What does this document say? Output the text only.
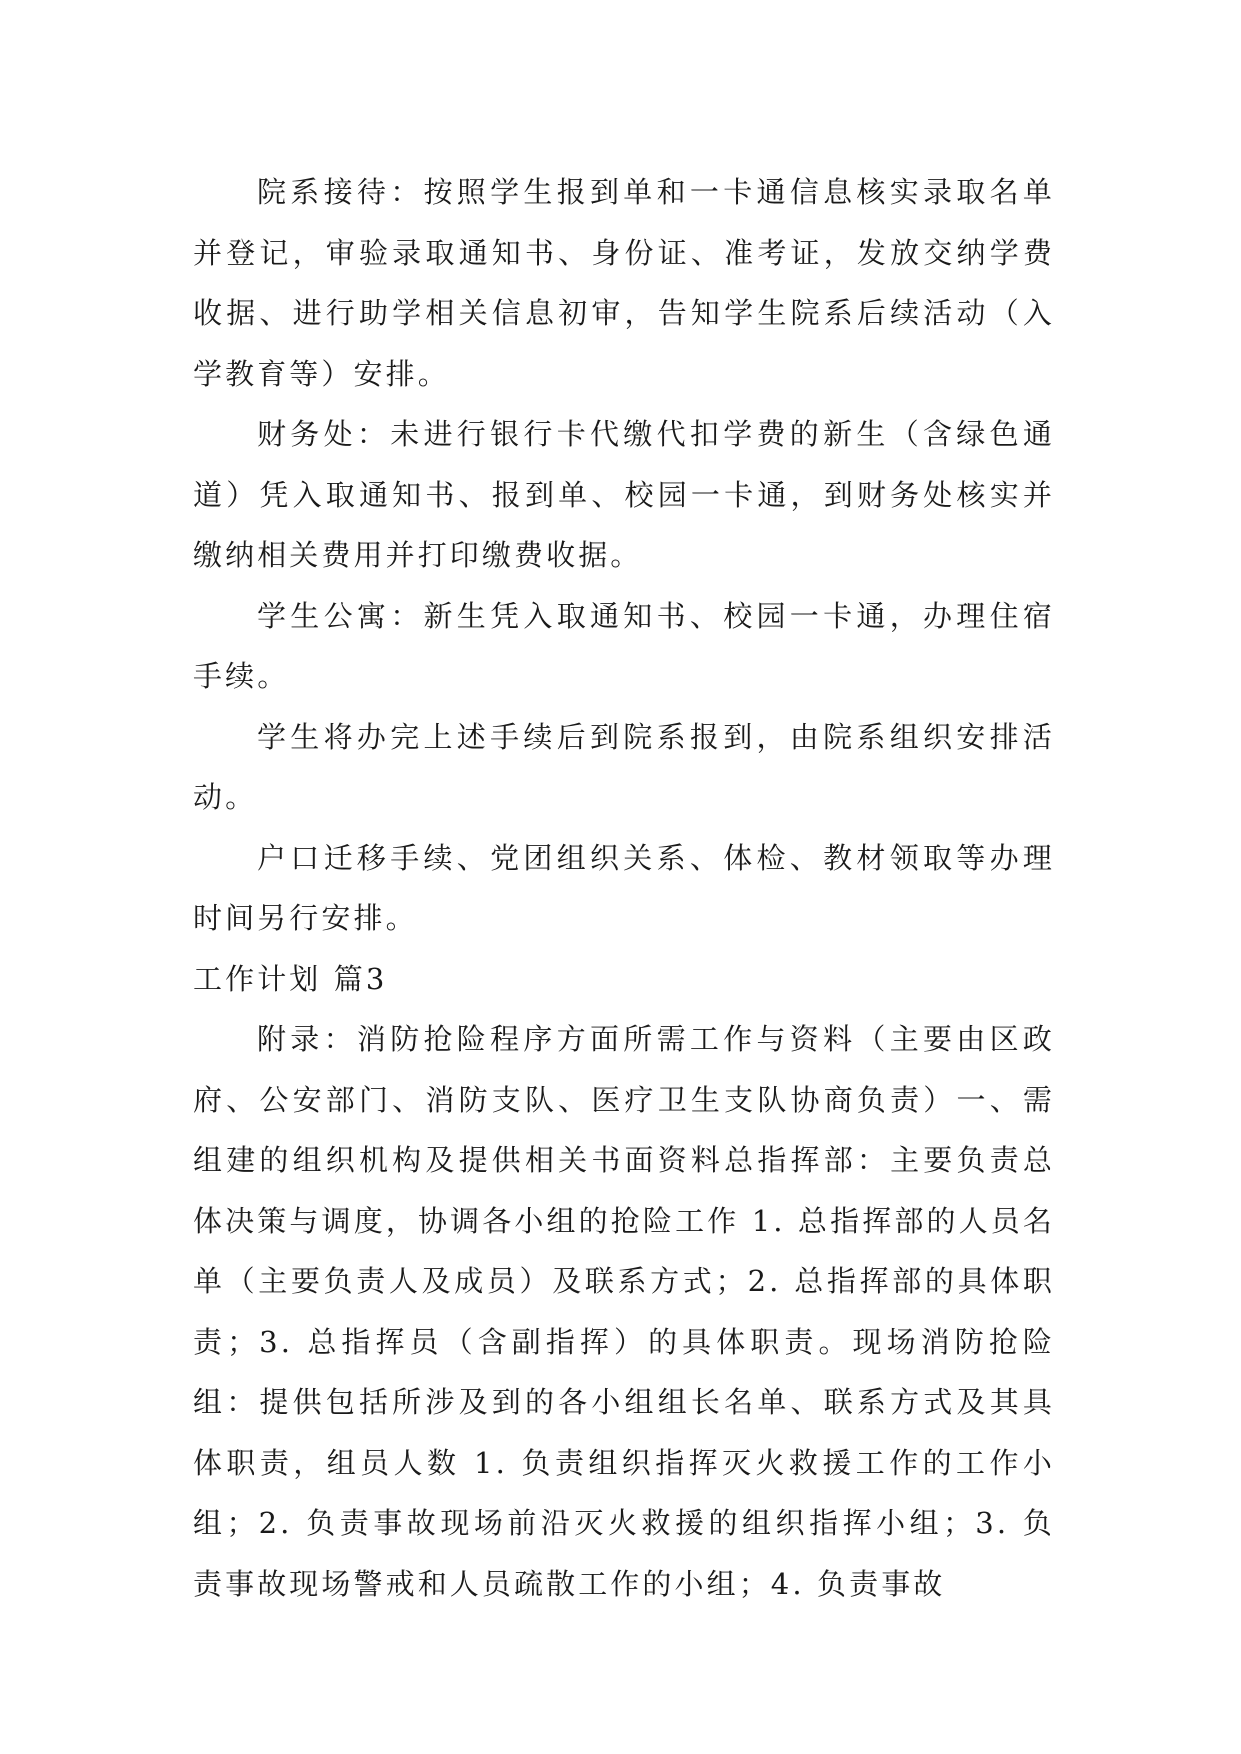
院系接待：按照学生报到单和一卡通信息核实录取名单并登记，审验录取通知书、身份证、准考证，发放交纳学费收据、进行助学相关信息初审，告知学生院系后续活动（入学教育等）安排。

财务处：未进行银行卡代缴代扣学费的新生（含绿色通道）凭入取通知书、报到单、校园一卡通，到财务处核实并缴纳相关费用并打印缴费收据。

学生公寓：新生凭入取通知书、校园一卡通，办理住宿手续。

学生将办完上述手续后到院系报到，由院系组织安排活动。

户口迁移手续、党团组织关系、体检、教材领取等办理时间另行安排。

工作计划 篇3

附录：消防抢险程序方面所需工作与资料（主要由区政府、公安部门、消防支队、医疗卫生支队协商负责）一、需组建的组织机构及提供相关书面资料总指挥部：主要负责总体决策与调度，协调各小组的抢险工作 1. 总指挥部的人员名单（主要负责人及成员）及联系方式；2. 总指挥部的具体职责；3. 总指挥员（含副指挥）的具体职责。现场消防抢险组：提供包括所涉及到的各小组组长名单、联系方式及其具体职责，组员人数 1. 负责组织指挥灭火救援工作的工作小组；2. 负责事故现场前沿灭火救援的组织指挥小组；3. 负责事故现场警戒和人员疏散工作的小组；4. 负责事故
